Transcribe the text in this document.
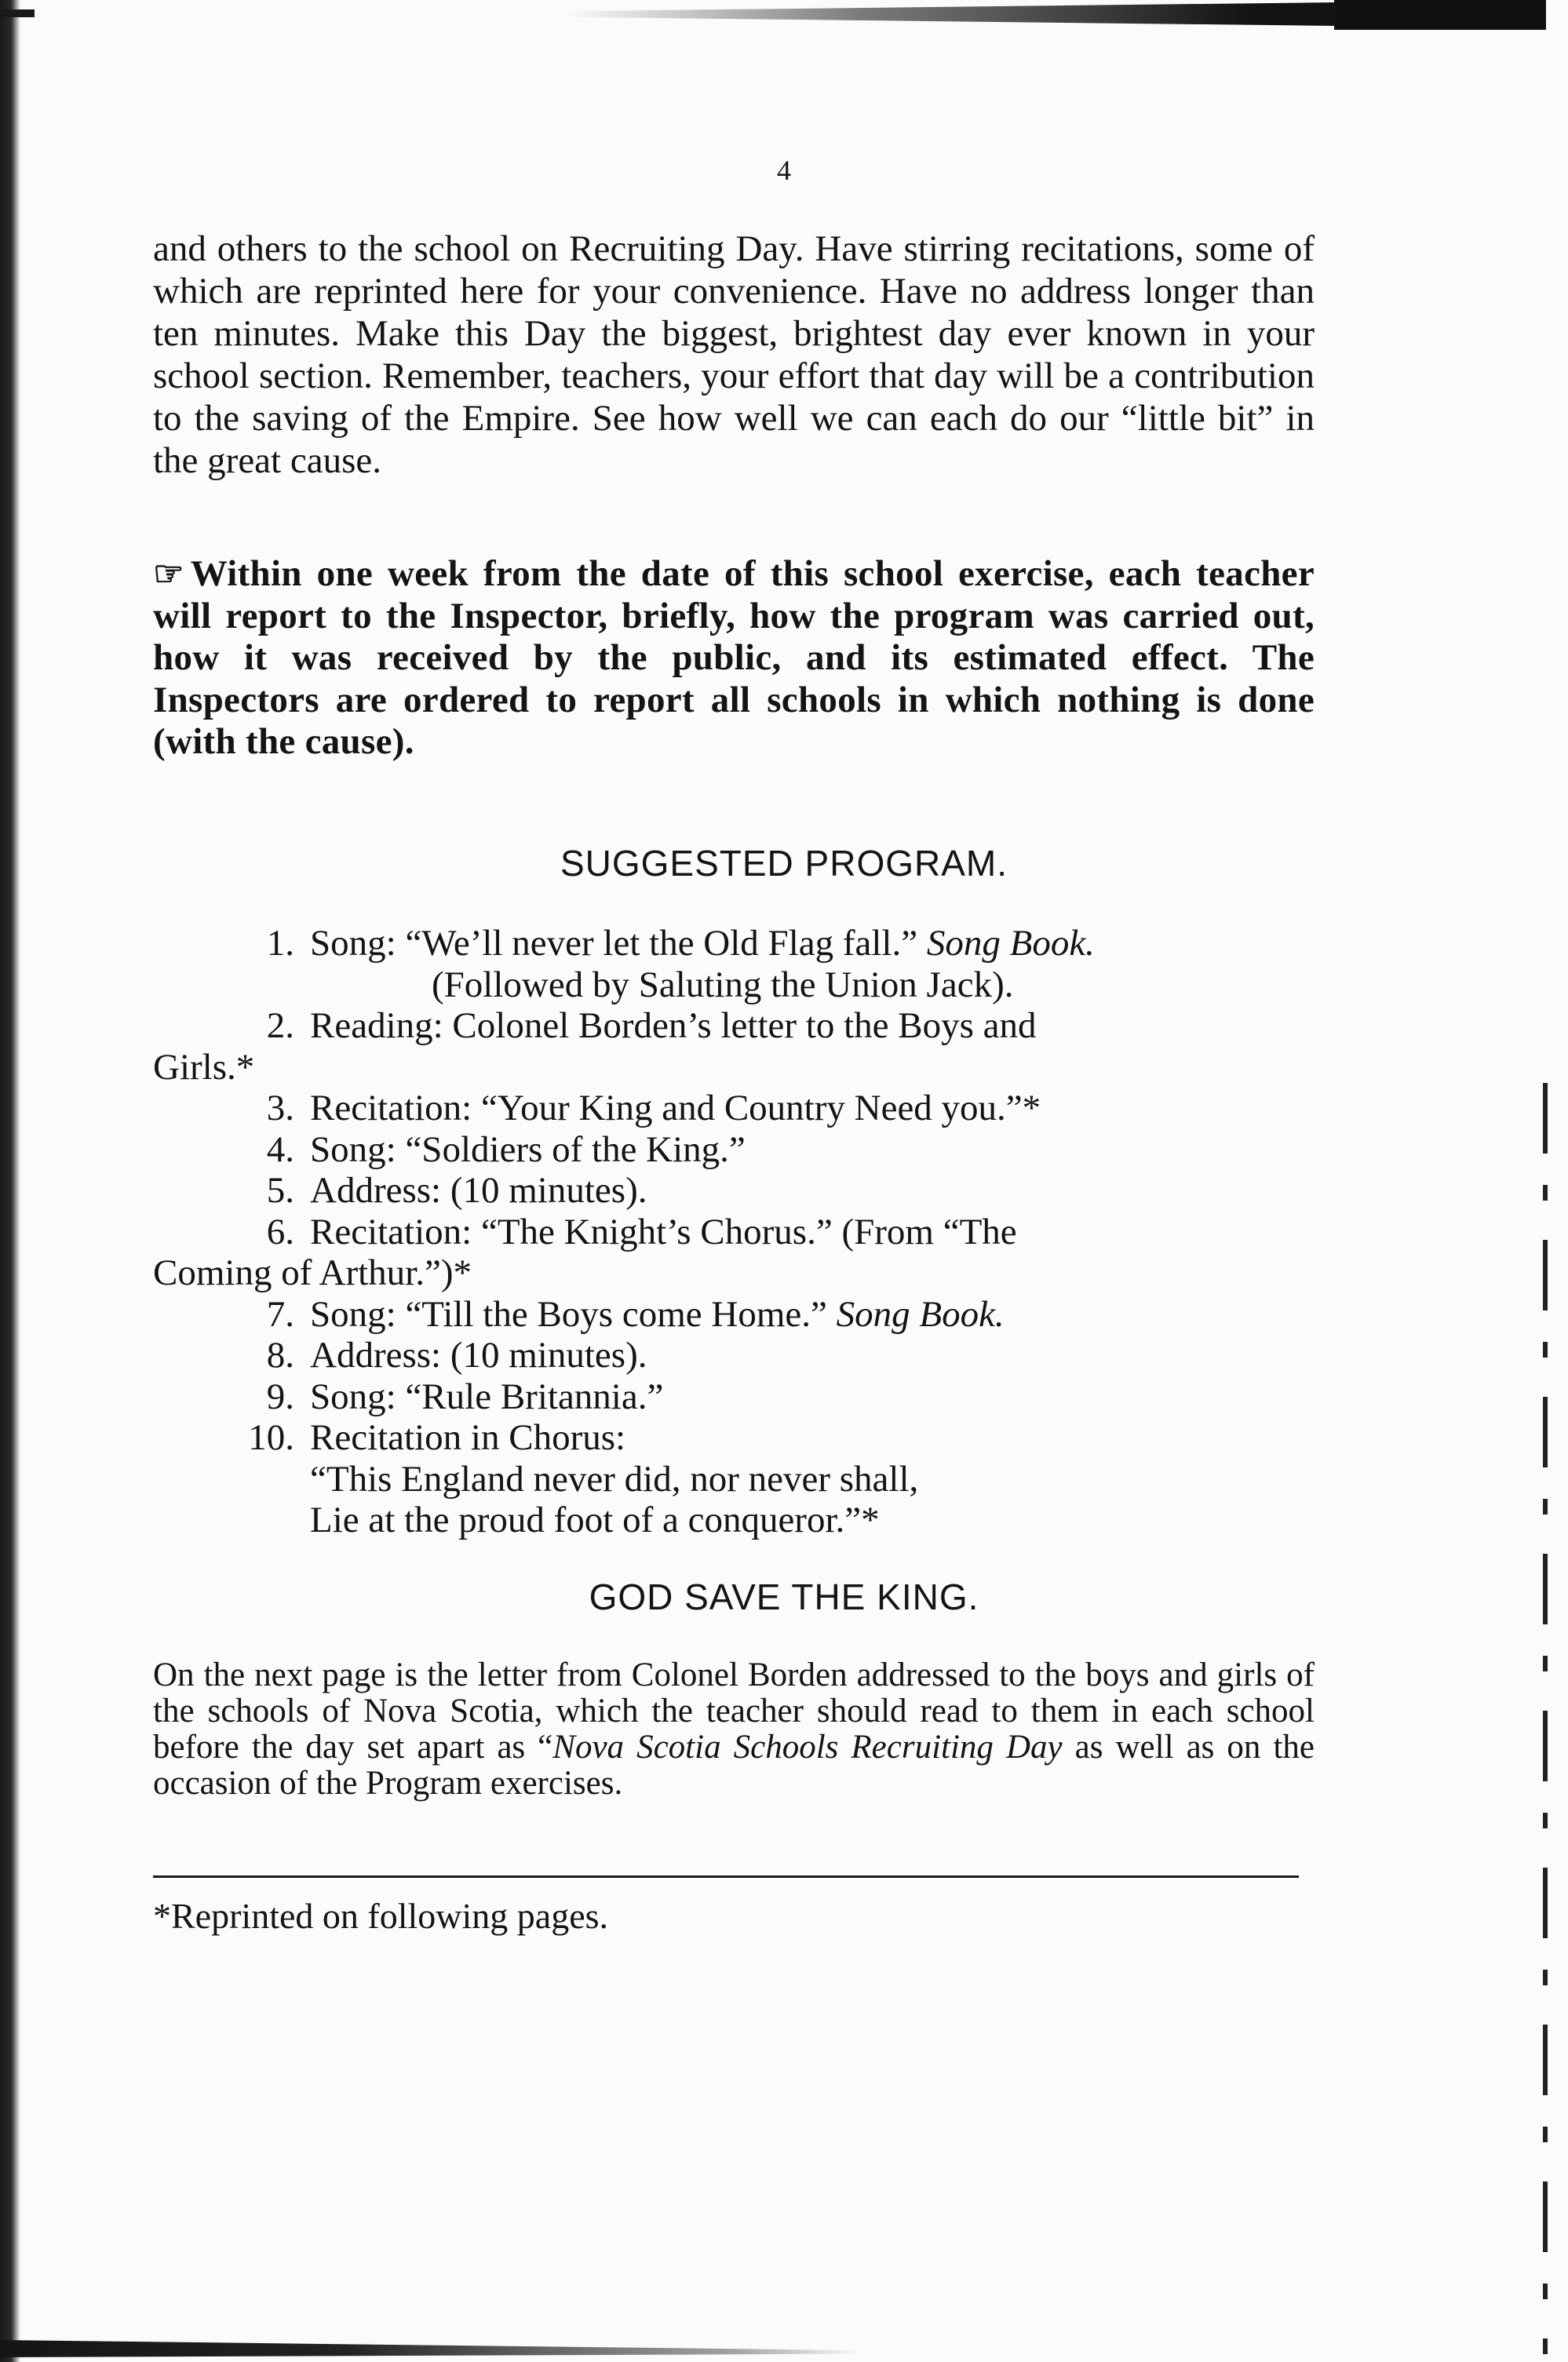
4

and others to the school on Recruiting Day. Have stirring recitations, some of which are reprinted here for your convenience. Have no address longer than ten minutes. Make this Day the biggest, brightest day ever known in your school section. Remember, teachers, your effort that day will be a contribution to the saving of the Empire. See how well we can each do our “little bit” in the great cause.

☞ Within one week from the date of this school exercise, each teacher will report to the Inspector, briefly, how the program was carried out, how it was received by the public, and its estimated effect. The Inspectors are ordered to report all schools in which nothing is done (with the cause).

SUGGESTED PROGRAM.
1. Song: “We’ll never let the Old Flag fall.” Song Book.
(Followed by Saluting the Union Jack).
2. Reading: Colonel Borden’s letter to the Boys and
Girls.*
3. Recitation: “Your King and Country Need you.”*
4. Song: “Soldiers of the King.”
5. Address: (10 minutes).
6. Recitation: “The Knight’s Chorus.” (From “The
Coming of Arthur.”)*
7. Song: “Till the Boys come Home.” Song Book.
8. Address: (10 minutes).
9. Song: “Rule Britannia.”
10. Recitation in Chorus:
“This England never did, nor never shall,
Lie at the proud foot of a conqueror.”*
GOD SAVE THE KING.

On the next page is the letter from Colonel Borden addressed to the boys and girls of the schools of Nova Scotia, which the teacher should read to them in each school before the day set apart as “Nova Scotia Schools Recruiting Day as well as on the occasion of the Program exercises.

*Reprinted on following pages.
